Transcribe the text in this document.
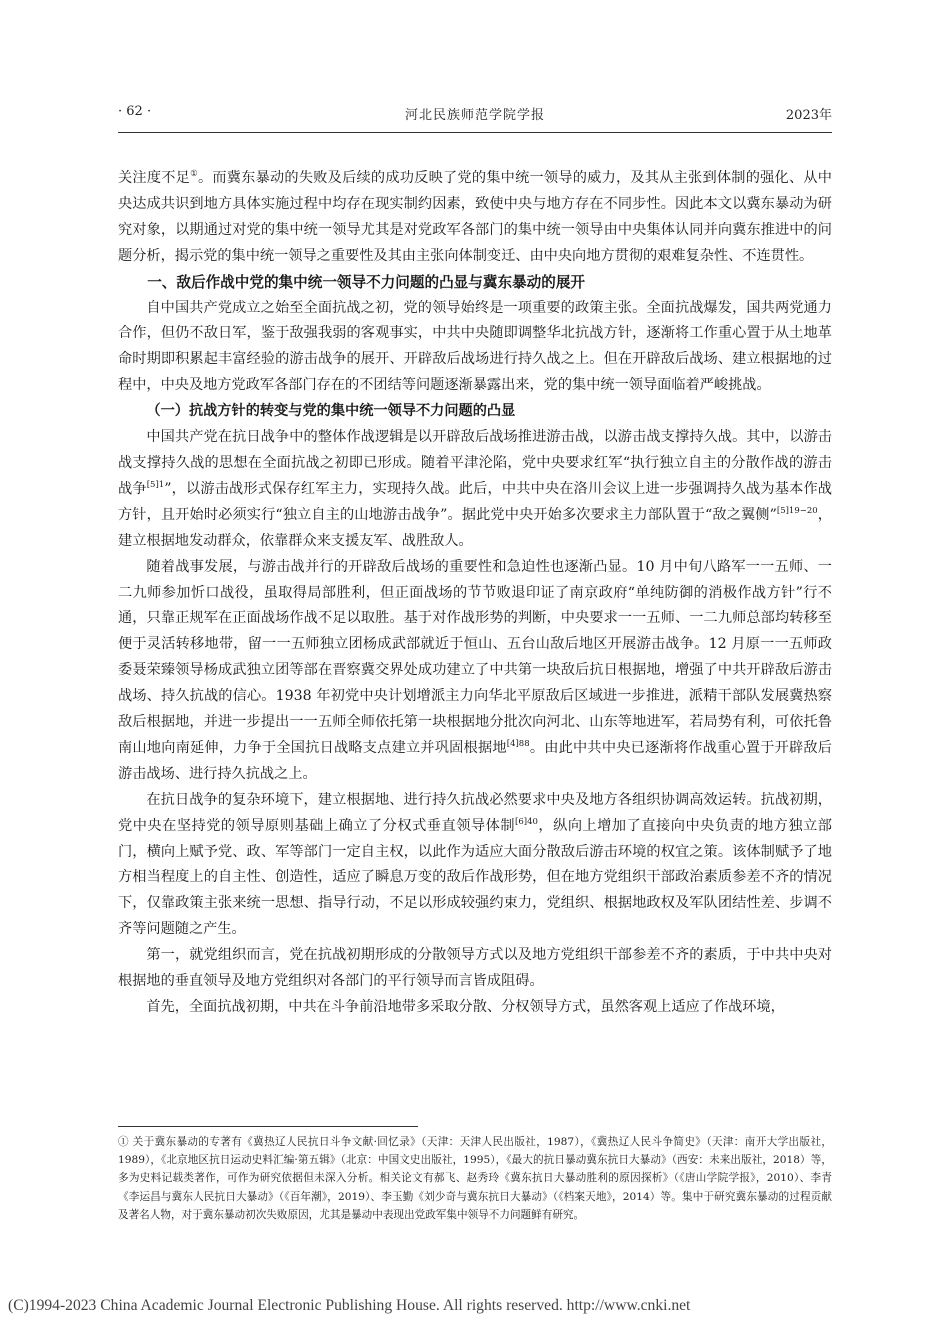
· 62 ·	河北民族师范学院学报	2023年

关注度不足①。而冀东暴动的失败及后续的成功反映了党的集中统一领导的威力，及其从主张到体制的强化、从中央达成共识到地方具体实施过程中均存在现实制约因素，致使中央与地方存在不同步性。因此本文以冀东暴动为研究对象，以期通过对党的集中统一领导尤其是对党政军各部门的集中统一领导由中央集体认同并向冀东推进中的问题分析，揭示党的集中统一领导之重要性及其由主张向体制变迁、由中央向地方贯彻的艰难复杂性、不连贯性。

一、敌后作战中党的集中统一领导不力问题的凸显与冀东暴动的展开

自中国共产党成立之始至全面抗战之初，党的领导始终是一项重要的政策主张。全面抗战爆发，国共两党通力合作，但仍不敌日军，鉴于敌强我弱的客观事实，中共中央随即调整华北抗战方针，逐渐将工作重心置于从土地革命时期即积累起丰富经验的游击战争的展开、开辟敌后战场进行持久战之上。但在开辟敌后战场、建立根据地的过程中，中央及地方党政军各部门存在的不团结等问题逐渐暴露出来，党的集中统一领导面临着严峻挑战。

（一）抗战方针的转变与党的集中统一领导不力问题的凸显

中国共产党在抗日战争中的整体作战逻辑是以开辟敌后战场推进游击战，以游击战支撑持久战。其中，以游击战支撑持久战的思想在全面抗战之初即已形成。随着平津沦陷，党中央要求红军“执行独立自主的分散作战的游击战争$^{[5]1}$”，以游击战形式保存红军主力，实现持久战。此后，中共中央在洛川会议上进一步强调持久战为基本作战方针，且开始时必须实行“独立自主的山地游击战争”。据此党中央开始多次要求主力部队置于“敌之翼侧”$^{[5]19-20}$，建立根据地发动群众，依靠群众来支援友军、战胜敌人。

随着战事发展，与游击战并行的开辟敌后战场的重要性和急迫性也逐渐凸显。10 月中旬八路军一一五师、一二九师参加忻口战役，虽取得局部胜利，但正面战场的节节败退印证了南京政府“单纯防御的消极作战方针”行不通，只靠正规军在正面战场作战不足以取胜。基于对作战形势的判断，中央要求一一五师、一二九师总部均转移至便于灵活转移地带，留一一五师独立团杨成武部就近于恒山、五台山敌后地区开展游击战争。12 月原一一五师政委聂荣臻领导杨成武独立团等部在晋察冀交界处成功建立了中共第一块敌后抗日根据地，增强了中共开辟敌后游击战场、持久抗战的信心。1938 年初党中央计划增派主力向华北平原敌后区域进一步推进，派精干部队发展冀热察敌后根据地，并进一步提出一一五师全师依托第一块根据地分批次向河北、山东等地进军，若局势有利，可依托鲁南山地向南延伸，力争于全国抗日战略支点建立并巩固根据地$^{[4]88}$。由此中共中央已逐渐将作战重心置于开辟敌后游击战场、进行持久抗战之上。

在抗日战争的复杂环境下，建立根据地、进行持久抗战必然要求中央及地方各组织协调高效运转。抗战初期，党中央在坚持党的领导原则基础上确立了分权式垂直领导体制$^{[6]40}$，纵向上增加了直接向中央负责的地方独立部门，横向上赋予党、政、军等部门一定自主权，以此作为适应大面分散敌后游击环境的权宜之策。该体制赋予了地方相当程度上的自主性、创造性，适应了瞬息万变的敌后作战形势，但在地方党组织干部政治素质参差不齐的情况下，仅靠政策主张来统一思想、指导行动，不足以形成较强约束力，党组织、根据地政权及军队团结性差、步调不齐等问题随之产生。

第一，就党组织而言，党在抗战初期形成的分散领导方式以及地方党组织干部参差不齐的素质，于中共中央对根据地的垂直领导及地方党组织对各部门的平行领导而言皆成阻碍。

首先，全面抗战初期，中共在斗争前沿地带多采取分散、分权领导方式，虽然客观上适应了作战环境，

① 关于冀东暴动的专著有《冀热辽人民抗日斗争文献·回忆录》（天津：天津人民出版社，1987），《冀热辽人民斗争简史》（天津：南开大学出版社，1989），《北京地区抗日运动史料汇编·第五辑》（北京：中国文史出版社，1995），《最大的抗日暴动冀东抗日大暴动》（西安：未来出版社，2018）等，多为史料记载类著作，可作为研究依据但未深入分析。相关论文有郝飞、赵秀玲《冀东抗日大暴动胜利的原因探析》（《唐山学院学报》，2010）、李青《李运昌与冀东人民抗日大暴动》（《百年潮》，2019）、李玉勤《刘少奇与冀东抗日大暴动》（《档案天地》，2014）等。集中于研究冀东暴动的过程贡献及著名人物，对于冀东暴动初次失败原因，尤其是暴动中表现出党政军集中领导不力问题鲜有研究。
(C)1994-2023 China Academic Journal Electronic Publishing House. All rights reserved. http://www.cnki.net
